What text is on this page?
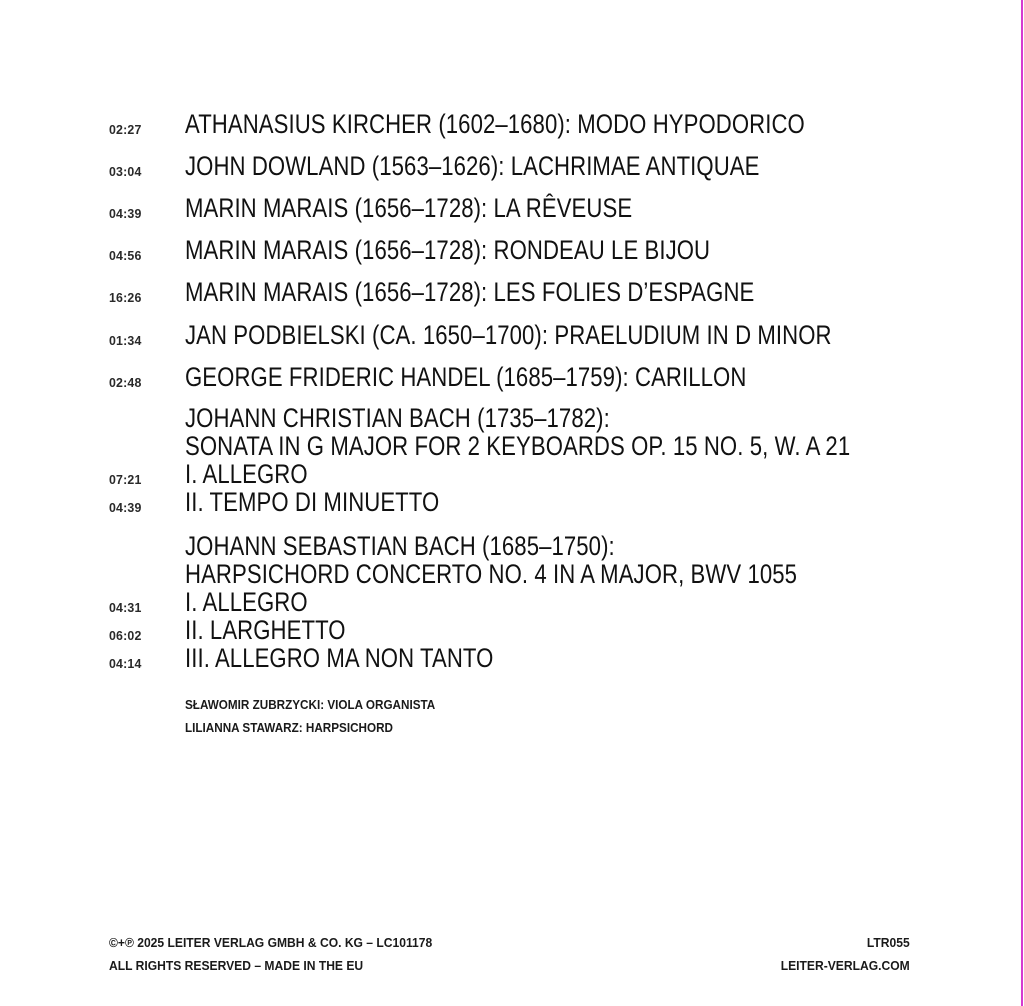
02:27 ATHANASIUS KIRCHER (1602–1680): MODO HYPODORICO
03:04 JOHN DOWLAND (1563–1626): LACHRIMAE ANTIQUAE
04:39 MARIN MARAIS (1656–1728): LA RÊVEUSE
04:56 MARIN MARAIS (1656–1728): RONDEAU LE BIJOU
16:26 MARIN MARAIS (1656–1728): LES FOLIES D’ESPAGNE
01:34 JAN PODBIELSKI (CA. 1650–1700): PRAELUDIUM IN D MINOR
02:48 GEORGE FRIDERIC HANDEL (1685–1759): CARILLON
JOHANN CHRISTIAN BACH (1735–1782):
SONATA IN G MAJOR FOR 2 KEYBOARDS OP. 15 NO. 5, W. A 21
07:21 I. ALLEGRO
04:39 II. TEMPO DI MINUETTO
JOHANN SEBASTIAN BACH (1685–1750):
HARPSICHORD CONCERTO NO. 4 IN A MAJOR, BWV 1055
04:31 I. ALLEGRO
06:02 II. LARGHETTO
04:14 III. ALLEGRO MA NON TANTO
SŁAWOMIR ZUBRZYCKI: VIOLA ORGANISTA
LILIANNA STAWARZ: HARPSICHORD
©+℗ 2025 LEITER VERLAG GMBH & CO. KG – LC101178
ALL RIGHTS RESERVED – MADE IN THE EU
LTR055
LEITER-VERLAG.COM
